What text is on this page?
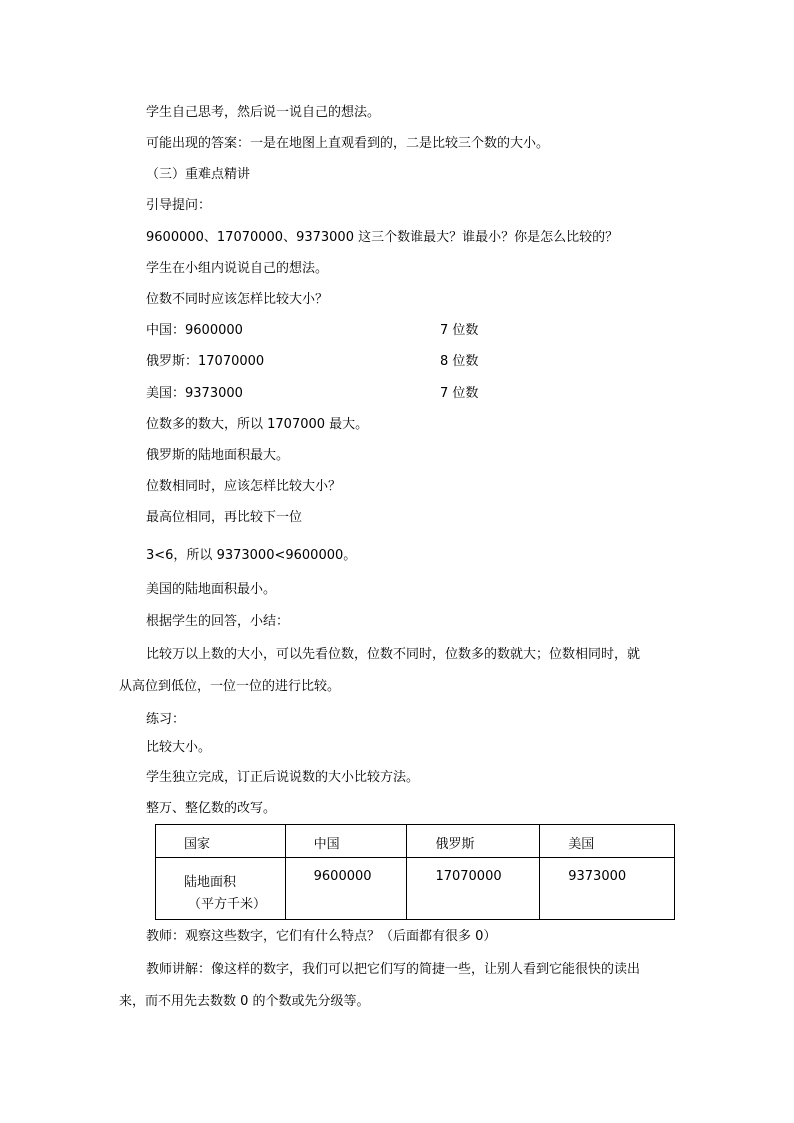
学生自己思考，然后说一说自己的想法。
可能出现的答案：一是在地图上直观看到的，二是比较三个数的大小。
（三）重难点精讲
引导提问：
9600000、17070000、9373000 这三个数谁最大？谁最小？你是怎么比较的？
学生在小组内说说自己的想法。
位数不同时应该怎样比较大小？
中国：9600000	7 位数
俄罗斯：17070000	8 位数
美国：9373000	7 位数
位数多的数大，所以 1707000 最大。
俄罗斯的陆地面积最大。
位数相同时，应该怎样比较大小？
最高位相同，再比较下一位
3<6，所以 9373000<9600000。
美国的陆地面积最小。
根据学生的回答，小结：
比较万以上数的大小，可以先看位数，位数不同时，位数多的数就大；位数相同时，就
从高位到低位，一位一位的进行比较。
练习：
比较大小。
学生独立完成，订正后说说数的大小比较方法。
整万、整亿数的改写。
国家	中国	俄罗斯	美国

陆地面积
（平方千米）	9600000	17070000	9373000
教师：观察这些数字，它们有什么特点？（后面都有很多 0）
教师讲解：像这样的数字，我们可以把它们写的简捷一些，让别人看到它能很快的读出
来，而不用先去数数 0 的个数或先分级等。
